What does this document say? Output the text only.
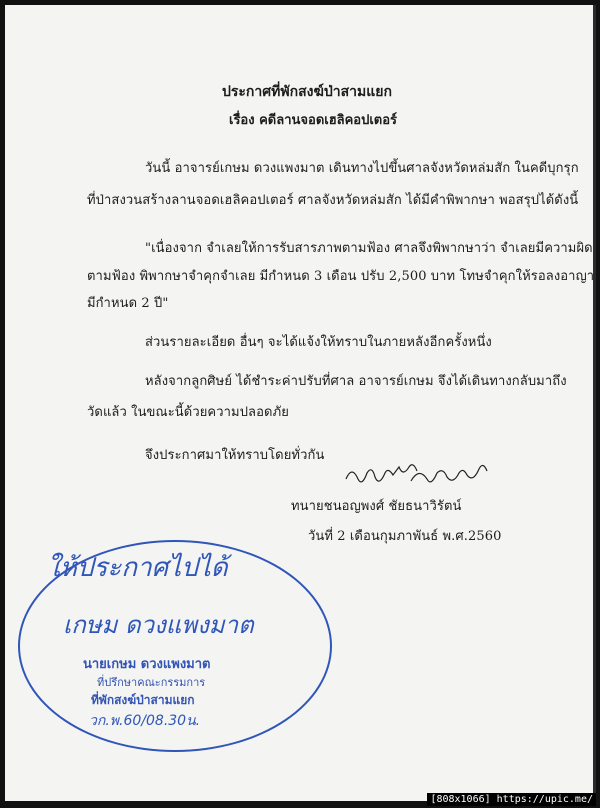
ประกาศที่พักสงฆ์ป่าสามแยก
เรื่อง คดีลานจอดเฮลิคอปเตอร์
วันนี้ อาจารย์เกษม ดวงแพงมาต เดินทางไปขึ้นศาลจังหวัดหล่มสัก ในคดีบุกรุก
ที่ป่าสงวนสร้างลานจอดเฮลิคอปเตอร์ ศาลจังหวัดหล่มสัก ได้มีคำพิพากษา พอสรุปได้ดังนี้
"เนื่องจาก จำเลยให้การรับสารภาพตามฟ้อง ศาลจึงพิพากษาว่า จำเลยมีความผิด
ตามฟ้อง พิพากษาจำคุกจำเลย มีกำหนด 3 เดือน ปรับ 2,500 บาท โทษจำคุกให้รอลงอาญา
มีกำหนด 2 ปี"
ส่วนรายละเอียด อื่นๆ จะได้แจ้งให้ทราบในภายหลังอีกครั้งหนึ่ง
หลังจากลูกศิษย์ ได้ชำระค่าปรับที่ศาล อาจารย์เกษม จึงได้เดินทางกลับมาถึง
วัดแล้ว ในขณะนี้ด้วยความปลอดภัย
จึงประกาศมาให้ทราบโดยทั่วกัน
ทนายชนอญพงศ์ ชัยธนาวิรัตน์
วันที่ 2 เดือนกุมภาพันธ์ พ.ศ.2560
ให้ประกาศไปได้
เกษม ดวงแพงมาต
นายเกษม ดวงแพงมาต
ที่ปรึกษาคณะกรรมการ
ที่พักสงฆ์ป่าสามแยก
วก.พ.60/08.30น.
[808x1066] https://upic.me/
